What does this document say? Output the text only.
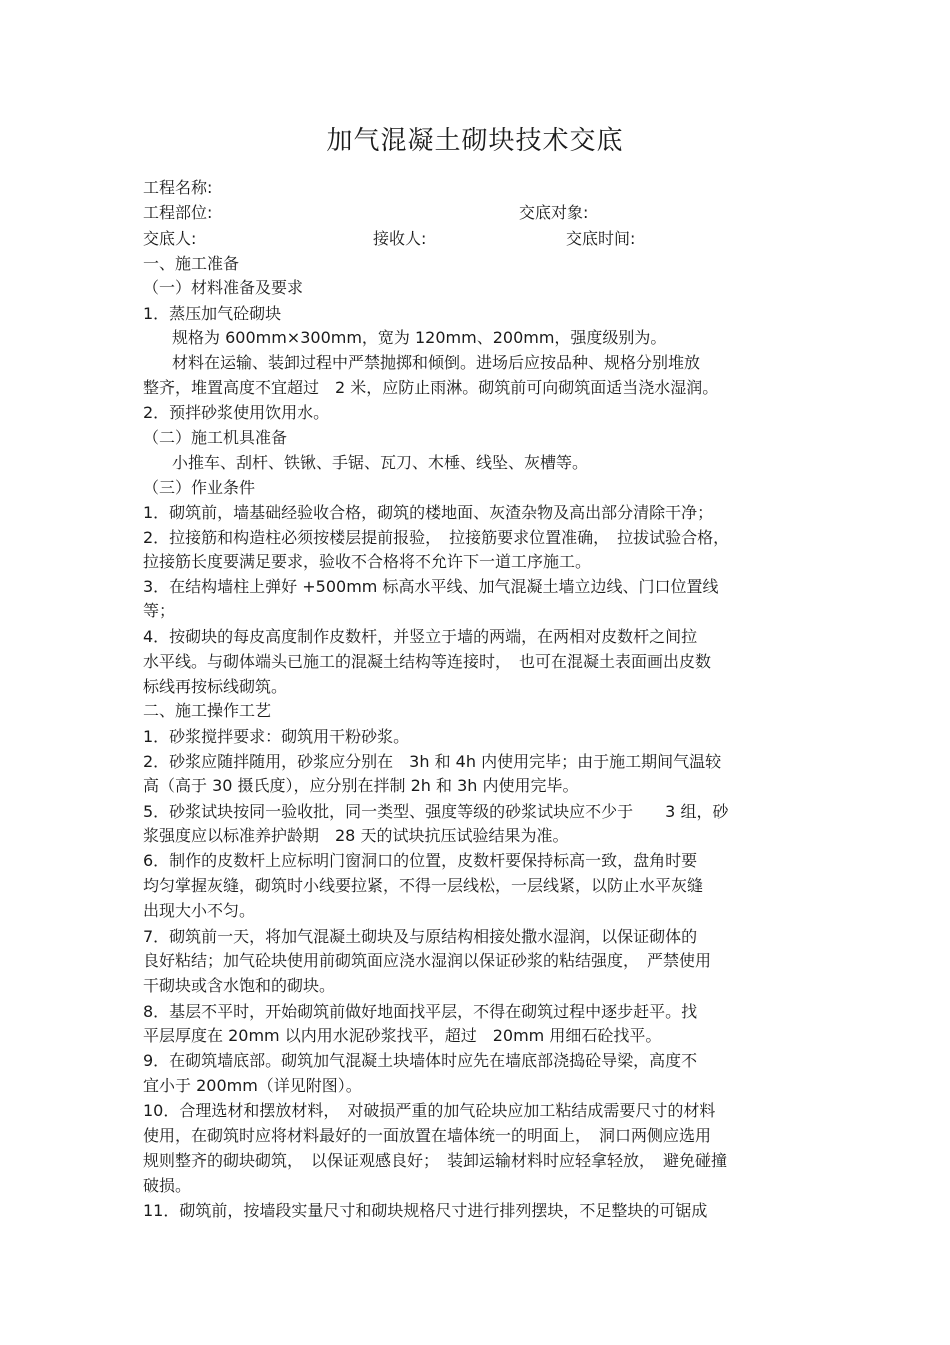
加气混凝土砌块技术交底
工程名称:
工程部位:	交底对象:
交底人:	接收人:	交底时间:
一、施工准备
（一）材料准备及要求
1．蒸压加气砼砌块
规格为 600mm×300mm，宽为 120mm、200mm，强度级别为。
材料在运输、装卸过程中严禁抛掷和倾倒。进场后应按品种、规格分别堆放
整齐，堆置高度不宜超过　2 米，应防止雨淋。砌筑前可向砌筑面适当浇水湿润。
2．预拌砂浆使用饮用水。
（二）施工机具准备
小推车、刮杆、铁锹、手锯、瓦刀、木棰、线坠、灰槽等。
（三）作业条件
1．砌筑前，墙基础经验收合格，砌筑的楼地面、灰渣杂物及高出部分清除干净；
2．拉接筋和构造柱必须按楼层提前报验，　拉接筋要求位置准确，　拉拔试验合格，
拉接筋长度要满足要求，验收不合格将不允许下一道工序施工。
3．在结构墙柱上弹好 +500mm 标高水平线、加气混凝土墙立边线、门口位置线
等；
4．按砌块的每皮高度制作皮数杆，并竖立于墙的两端，在两相对皮数杆之间拉
水平线。与砌体端头已施工的混凝土结构等连接时，　也可在混凝土表面画出皮数
标线再按标线砌筑。
二、施工操作工艺
1．砂浆搅拌要求：砌筑用干粉砂浆。
2．砂浆应随拌随用，砂浆应分别在　3h 和 4h 内使用完毕；由于施工期间气温较
高（高于 30 摄氏度），应分别在拌制 2h 和 3h 内使用完毕。
5．砂浆试块按同一验收批，同一类型、强度等级的砂浆试块应不少于　　3 组，砂
浆强度应以标准养护龄期　28 天的试块抗压试验结果为准。
6．制作的皮数杆上应标明门窗洞口的位置，皮数杆要保持标高一致，盘角时要
均匀掌握灰缝，砌筑时小线要拉紧，不得一层线松，一层线紧，以防止水平灰缝
出现大小不匀。
7．砌筑前一天，将加气混凝土砌块及与原结构相接处撒水湿润，以保证砌体的
良好粘结；加气砼块使用前砌筑面应浇水湿润以保证砂浆的粘结强度，　严禁使用
干砌块或含水饱和的砌块。
8．基层不平时，开始砌筑前做好地面找平层，不得在砌筑过程中逐步赶平。找
平层厚度在 20mm 以内用水泥砂浆找平，超过　20mm 用细石砼找平。
9．在砌筑墙底部。砌筑加气混凝土块墙体时应先在墙底部浇捣砼导梁，高度不
宜小于 200mm（详见附图）。
10．合理选材和摆放材料，　对破损严重的加气砼块应加工粘结成需要尺寸的材料
使用，在砌筑时应将材料最好的一面放置在墙体统一的明面上，　洞口两侧应选用
规则整齐的砌块砌筑，　以保证观感良好；　装卸运输材料时应轻拿轻放，　避免碰撞
破损。
11．砌筑前，按墙段实量尺寸和砌块规格尺寸进行排列摆块，不足整块的可锯成
